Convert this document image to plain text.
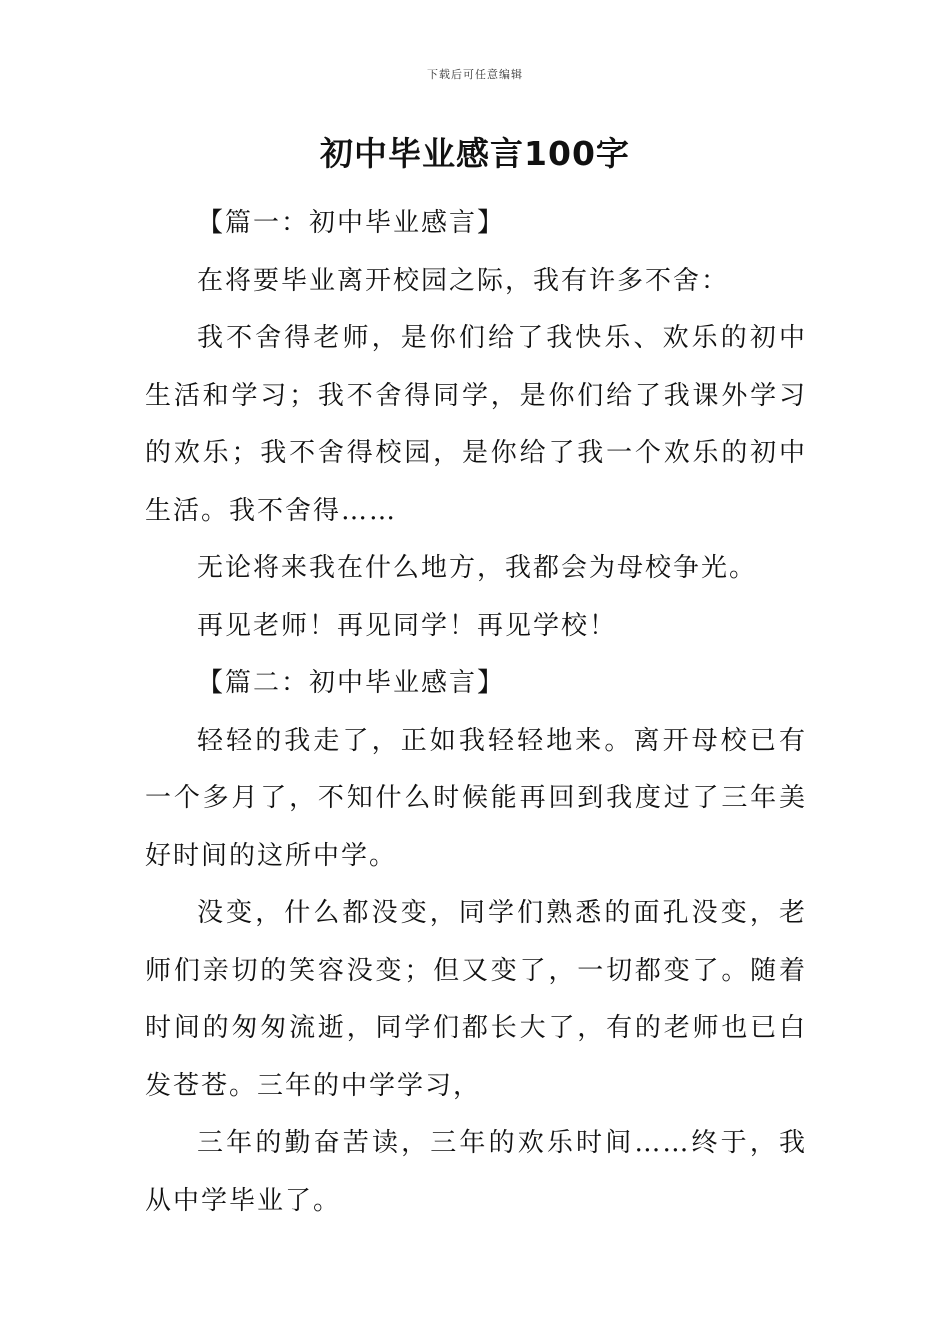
下载后可任意编辑
初中毕业感言100字

【篇一：初中毕业感言】

在将要毕业离开校园之际，我有许多不舍：

我不舍得老师，是你们给了我快乐、欢乐的初中生活和学习；我不舍得同学，是你们给了我课外学习的欢乐；我不舍得校园，是你给了我一个欢乐的初中生活。我不舍得……

无论将来我在什么地方，我都会为母校争光。

再见老师！再见同学！再见学校！

【篇二：初中毕业感言】

轻轻的我走了，正如我轻轻地来。离开母校已有一个多月了，不知什么时候能再回到我度过了三年美好时间的这所中学。

没变，什么都没变，同学们熟悉的面孔没变，老师们亲切的笑容没变；但又变了，一切都变了。随着时间的匆匆流逝，同学们都长大了，有的老师也已白发苍苍。三年的中学学习，

三年的勤奋苦读，三年的欢乐时间……终于，我从中学毕业了。
